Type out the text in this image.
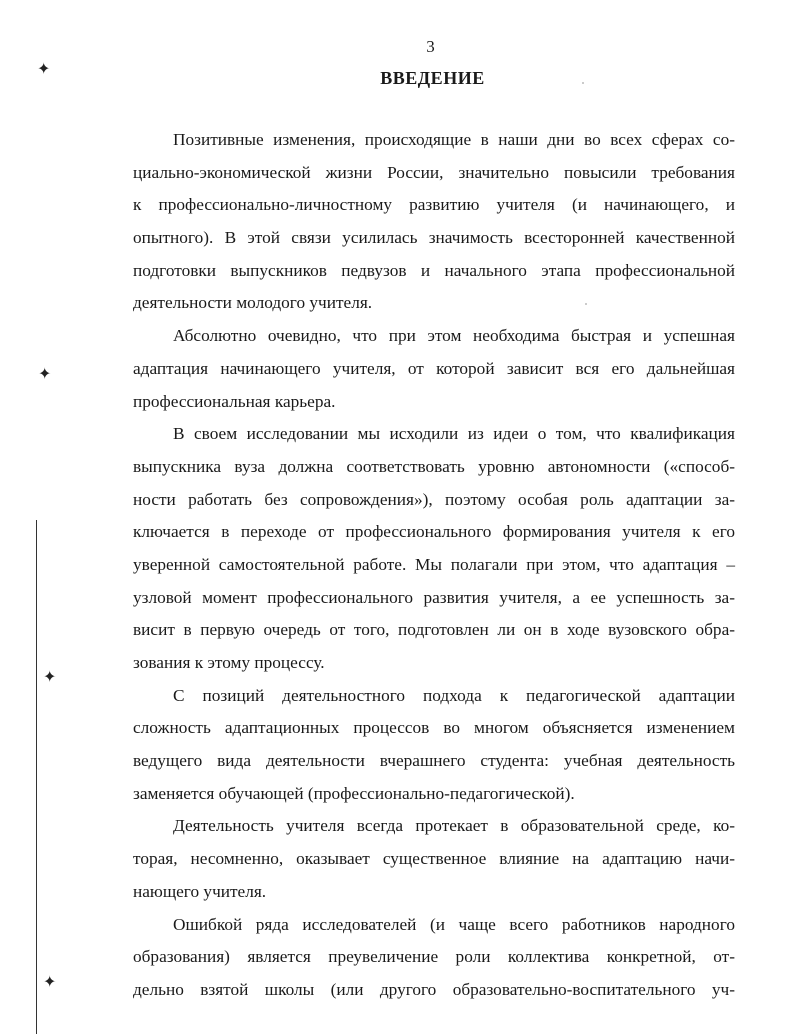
3
ВВЕДЕНИЕ
Позитивные изменения, происходящие в наши дни во всех сферах со-
циально-экономической жизни России, значительно повысили требования
к профессионально-личностному развитию учителя (и начинающего, и
опытного). В этой связи усилилась значимость всесторонней качественной
подготовки выпускников педвузов и начального этапа профессиональной
деятельности молодого учителя.
Абсолютно очевидно, что при этом необходима быстрая и успешная
адаптация начинающего учителя, от которой зависит вся его дальнейшая
профессиональная карьера.
В своем исследовании мы исходили из идеи о том, что квалификация
выпускника вуза должна соответствовать уровню автономности («способ-
ности работать без сопровождения»), поэтому особая роль адаптации за-
ключается в переходе от профессионального формирования учителя к его
уверенной самостоятельной работе. Мы полагали при этом, что адаптация –
узловой момент профессионального развития учителя, а ее успешность за-
висит в первую очередь от того, подготовлен ли он в ходе вузовского обра-
зования к этому процессу.
С позиций деятельностного подхода к педагогической адаптации
сложность адаптационных процессов во многом объясняется изменением
ведущего вида деятельности вчерашнего студента: учебная деятельность
заменяется обучающей (профессионально-педагогической).
Деятельность учителя всегда протекает в образовательной среде, ко-
торая, несомненно, оказывает существенное влияние на адаптацию начи-
нающего учителя.
Ошибкой ряда исследователей (и чаще всего работников народного
образования) является преувеличение роли коллектива конкретной, от-
дельно взятой школы (или другого образовательно-воспитательного уч-
✦
✦
✦
✦
